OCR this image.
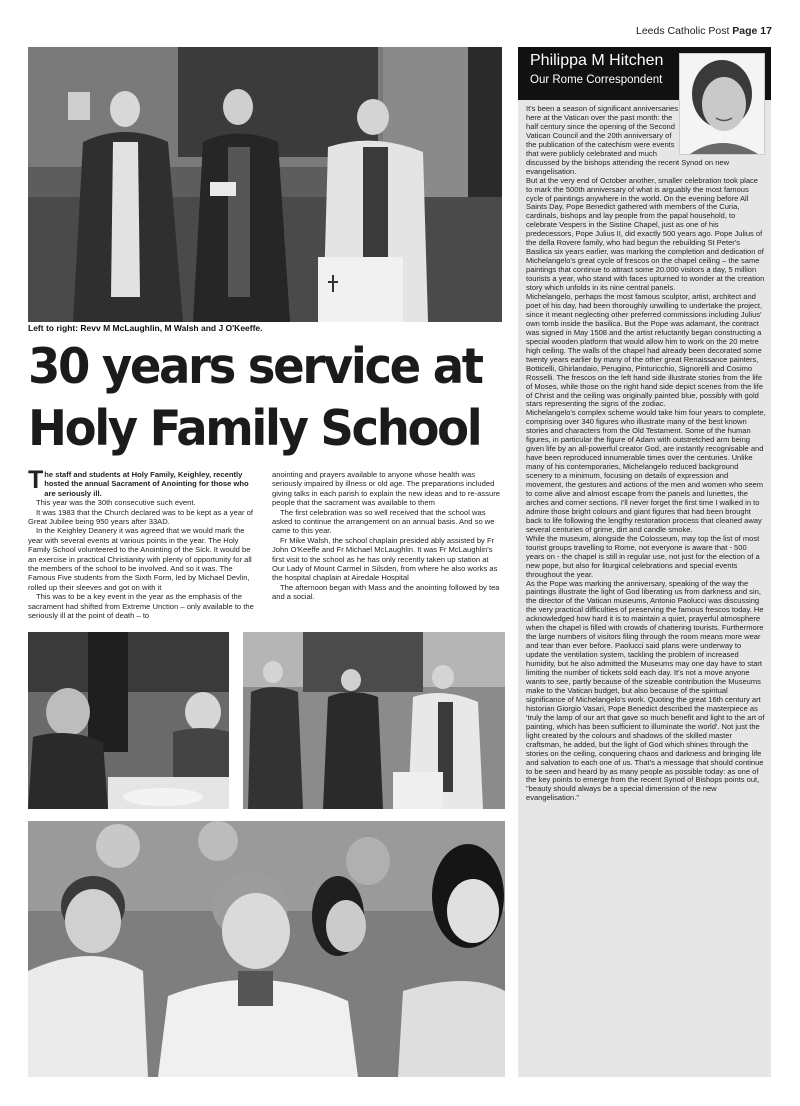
Leeds Catholic Post Page 17
Left to right: Revv M McLaughlin, M Walsh and J O'Keeffe.
30 years service at
Holy Family School

The staff and students at Holy Family, Keighley, recently hosted the annual Sacrament of Anointing for those who are seriously ill.

This year was the 30th consecutive such event.

It was 1983 that the Church declared was to be kept as a year of Great Jubilee being 950 years after 33AD.

In the Keighley Deanery it was agreed that we would mark the year with several events at various points in the year. The Holy Family School volunteered to the Anointing of the Sick. It would be an exercise in practical Christianity with plenty of opportunity for all the members of the school to be involved. And so it was. The Famous Five students from the Sixth Form, led by Michael Devlin, rolled up their sleeves and got on with it

This was to be a key event in the year as the emphasis of the sacrament had shifted from Extreme Unction – only available to the seriously ill at the point of death – to

anointing and prayers available to anyone whose health was seriously impaired by illness or old age. The preparations included giving talks in each parish to explain the new ideas and to re-assure people that the sacrament was available to them

The first celebration was so well received that the school was asked to continue the arrangement on an annual basis. And so we came to this year.

Fr Mike Walsh, the school chaplain presided ably assisted by Fr John O'Keeffe and Fr Michael McLaughlin. It was Fr McLaughlin's first visit to the school as he has only recently taken up station at Our Lady of Mount Carmel in Silsden, from where he also works as the hospital chaplain at Airedale Hospital

The afternoon began with Mass and the anointing followed by tea and a social.

Philippa M Hitchen
Our Rome Correspondent

It's been a season of significant anniversaries here at the Vatican over the past month: the half century since the opening of the Second Vatican Council and the 20th anniversary of the publication of the catechism were events that were publicly celebrated and much discussed by the bishops attending the recent Synod on new evangelisation.

But at the very end of October another, smaller celebration took place to mark the 500th anniversary of what is arguably the most famous cycle of paintings anywhere in the world. On the evening before All Saints Day, Pope Benedict gathered with members of the Curia, cardinals, bishops and lay people from the papal household, to celebrate Vespers in the Sistine Chapel, just as one of his predecessors, Pope Julius II, did exactly 500 years ago. Pope Julius of the della Rovere family, who had begun the rebuilding St Peter's Basilica six years earlier, was marking the completion and dedication of Michelangelo's great cycle of frescos on the chapel ceiling – the same paintings that continue to attract some 20.000 visitors a day, 5 million tourists a year, who stand with faces upturned to wonder at the creation story which unfolds in its nine central panels.

Michelangelo, perhaps the most famous sculptor, artist, architect and poet of his day, had been thoroughly unwilling to undertake the project, since it meant neglecting other preferred commissions including Julius' own tomb inside the basilica. But the Pope was adamant, the contract was signed in May 1508 and the artist reluctantly began constructing a special wooden platform that would allow him to work on the 20 metre high ceiling. The walls of the chapel had already been decorated some twenty years earlier by many of the other great Renaissance painters, Botticelli, Ghirlandaio, Perugino, Pinturicchio, Signorelli and Cosimo Rosselli. The frescos on the left hand side illustrate stories from the life of Moses, while those on the right hand side depict scenes from the life of Christ and the ceiling was originally painted blue, possibly with gold stars representing the signs of the zodiac.

Michelangelo's complex scheme would take him four years to complete, comprising over 340 figures who illustrate many of the best known stories and characters from the Old Testament. Some of the human figures, in particular the figure of Adam with outstretched arm being given life by an all-powerful creator God, are instantly recognisable and have been reproduced innumerable times over the centuries. Unlike many of his contemporaries, Michelangelo reduced background scenery to a minimum, focusing on details of expression and movement, the gestures and actions of the men and women who seem to come alive and almost escape from the panels and lunettes, the arches and corner sections. I'll never forget the first time I walked in to admire those bright colours and giant figures that had been brought back to life following the lengthy restoration process that cleaned away several centuries of grime, dirt and candle smoke.

While the museum, alongside the Colosseum, may top the list of most tourist groups travelling to Rome, not everyone is aware that - 500 years on - the chapel is still in regular use, not just for the election of a new pope, but also for liturgical celebrations and special events throughout the year.

As the Pope was marking the anniversary, speaking of the way the paintings illustrate the light of God liberating us from darkness and sin, the director of the Vatican museums, Antonio Paolucci was discussing the very practical difficulties of preserving the famous frescos today. He acknowledged how hard it is to maintain a quiet, prayerful atmosphere when the chapel is filled with crowds of chattering tourists. Furthermore the large numbers of visitors filing through the room means more wear and tear than ever before. Paolucci said plans were underway to update the ventilation system, tackling the problem of increased humidity, but he also admitted the Museums may one day have to start limiting the number of tickets sold each day. It's not a move anyone wants to see, partly because of the sizeable contribution the Museums make to the Vatican budget, but also because of the spiritual significance of Michelangelo's work. Quoting the great 16th century art historian Giorgio Vasari, Pope Benedict described the masterpiece as 'truly the lamp of our art that gave so much benefit and light to the art of painting, which has been sufficient to illuminate the world'. Not just the light created by the colours and shadows of the skilled master craftsman, he added, but the light of God which shines through the stories on the ceiling, conquering chaos and darkness and bringing life and salvation to each one of us. That's a message that should continue to be seen and heard by as many people as possible today: as one of the key points to emerge from the recent Synod of Bishops points out, "beauty should always be a special dimension of the new evangelisation."
